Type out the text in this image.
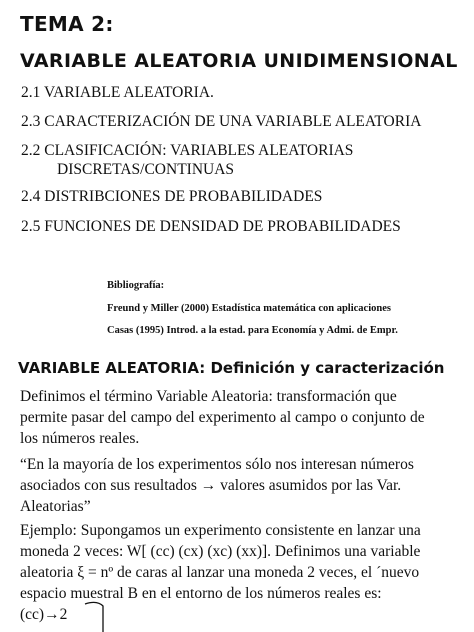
TEMA 2:
VARIABLE ALEATORIA UNIDIMENSIONAL
2.1 VARIABLE ALEATORIA.
2.3 CARACTERIZACIÓN DE UNA VARIABLE ALEATORIA
2.2 CLASIFICACIÓN: VARIABLES ALEATORIAS
DISCRETAS/CONTINUAS
2.4 DISTRIBCIONES DE PROBABILIDADES
2.5 FUNCIONES DE DENSIDAD DE PROBABILIDADES
Bibliografía:
Freund y Miller (2000) Estadística matemática con aplicaciones
Casas (1995) Introd. a la estad. para Economía y Admi. de Empr.
VARIABLE ALEATORIA: Definición y caracterización
Definimos el término Variable Aleatoria: transformación que
permite pasar del campo del experimento al campo o conjunto de
los números reales.
“En la mayoría de los experimentos sólo nos interesan números
asociados con sus resultados → valores asumidos por las Var.
Aleatorias”
Ejemplo: Supongamos un experimento consistente en lanzar una
moneda 2 veces: W[ (cc) (cx) (xc) (xx)]. Definimos una variable
aleatoria ξ = nº de caras al lanzar una moneda 2 veces, el ´nuevo
espacio muestral B en el entorno de los números reales es:
(cc)→2
